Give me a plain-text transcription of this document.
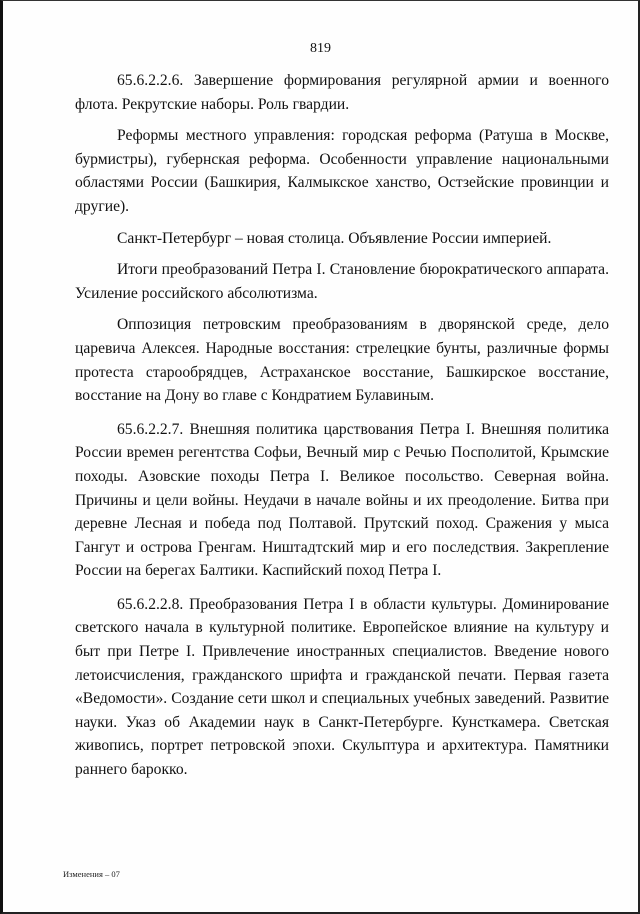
819

65.6.2.2.6. Завершение формирования регулярной армии и военного флота. Рекрутские наборы. Роль гвардии.

Реформы местного управления: городская реформа (Ратуша в Москве, бурмистры), губернская реформа. Особенности управление национальными областями России (Башкирия, Калмыкское ханство, Остзейские провинции и другие).

Санкт-Петербург – новая столица. Объявление России империей.

Итоги преобразований Петра I. Становление бюрократического аппарата. Усиление российского абсолютизма.

Оппозиция петровским преобразованиям в дворянской среде, дело царевича Алексея. Народные восстания: стрелецкие бунты, различные формы протеста старообрядцев, Астраханское восстание, Башкирское восстание, восстание на Дону во главе с Кондратием Булавиным.

65.6.2.2.7. Внешняя политика царствования Петра I. Внешняя политика России времен регентства Софьи, Вечный мир с Речью Посполитой, Крымские походы. Азовские походы Петра I. Великое посольство. Северная война. Причины и цели войны. Неудачи в начале войны и их преодоление. Битва при деревне Лесная и победа под Полтавой. Прутский поход. Сражения у мыса Гангут и острова Гренгам. Ништадтский мир и его последствия. Закрепление России на берегах Балтики. Каспийский поход Петра I.

65.6.2.2.8. Преобразования Петра I в области культуры. Доминирование светского начала в культурной политике. Европейское влияние на культуру и быт при Петре I. Привлечение иностранных специалистов. Введение нового летоисчисления, гражданского шрифта и гражданской печати. Первая газета «Ведомости». Создание сети школ и специальных учебных заведений. Развитие науки. Указ об Академии наук в Санкт-Петербурге. Кунсткамера. Светская живопись, портрет петровской эпохи. Скульптура и архитектура. Памятники раннего барокко.

Изменения – 07
